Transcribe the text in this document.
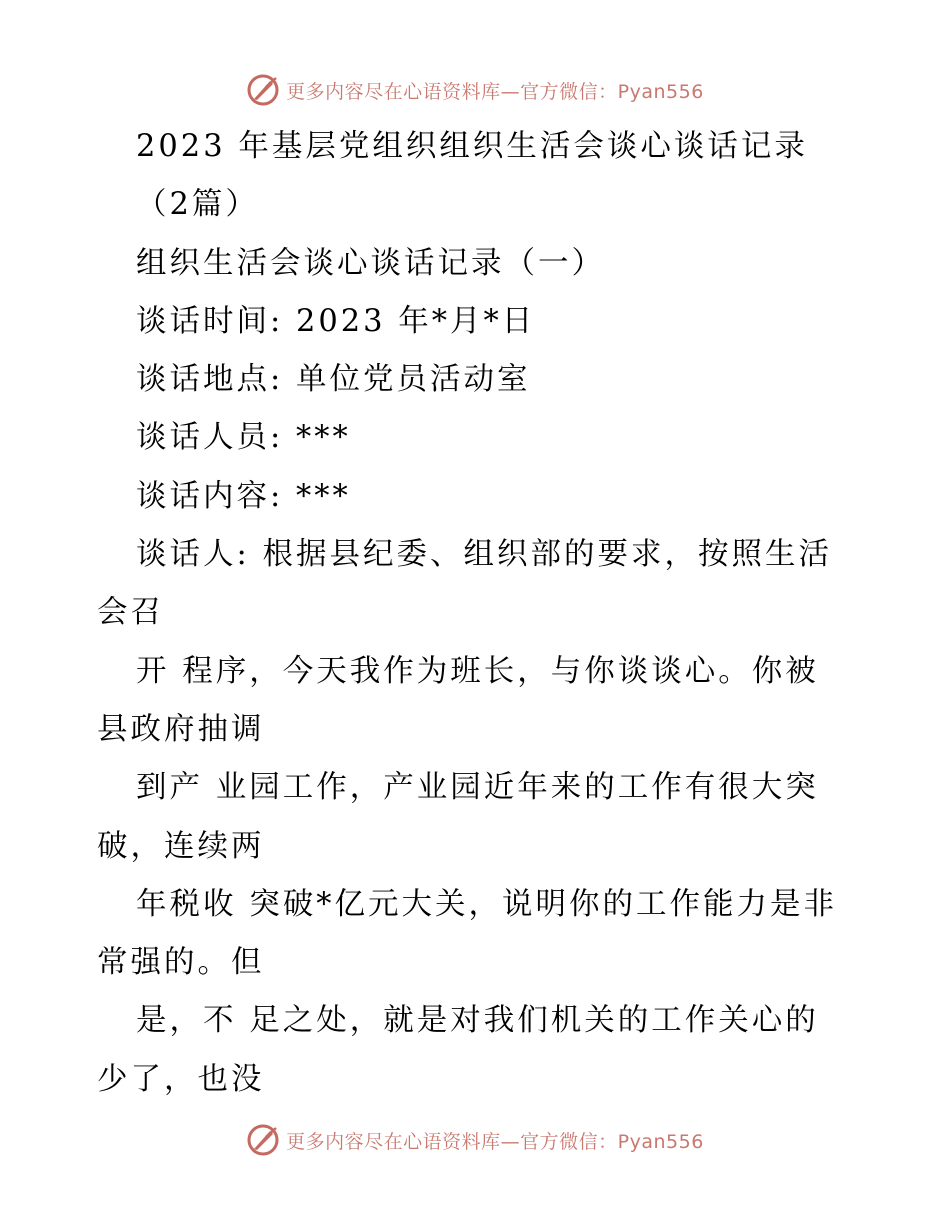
更多内容尽在心语资料库—官方微信：Pyan556
2023 年基层党组织组织生活会谈心谈话记录
（2篇）
组织生活会谈心谈话记录（一）
谈话时间: 2023 年*月*日
谈话地点: 单位党员活动室
谈话人员: ***
谈话内容: ***
谈话人: 根据县纪委、组织部的要求，按照生活
会召
开 程序，今天我作为班长，与你谈谈心。你被
县政府抽调
到产 业园工作，产业园近年来的工作有很大突
破，连续两
年税收 突破*亿元大关，说明你的工作能力是非
常强的。但
是，不 足之处，就是对我们机关的工作关心的
少了，也没
更多内容尽在心语资料库—官方微信：Pyan556
